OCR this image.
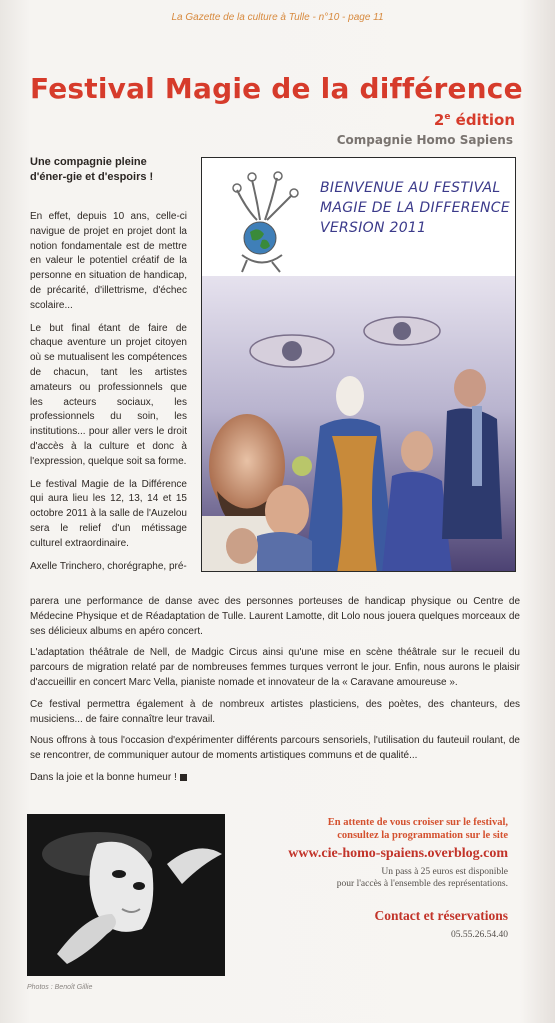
La Gazette de la culture à Tulle - n°10 - page 11
Festival Magie de la différence
2e édition
Compagnie Homo Sapiens
Une compagnie pleine d'éner-gie et d'espoirs !

En effet, depuis 10 ans, celle-ci navigue de projet en projet dont la notion fondamentale est de mettre en valeur le potentiel créatif de la personne en situation de handicap, de précarité, d'illettrisme, d'échec scolaire...

Le but final étant de faire de chaque aventure un projet citoyen où se mutualisent les compétences de chacun, tant les artistes amateurs ou professionnels que les acteurs sociaux, les professionnels du soin, les institutions... pour aller vers le droit d'accès à la culture et donc à l'expression, quelque soit sa forme.

Le festival Magie de la Différence qui aura lieu les 12, 13, 14 et 15 octobre 2011 à la salle de l'Auzelou sera le relief d'un métissage culturel extraordinaire.

Axelle Trinchero, chorégraphe, pré-

parera une performance de danse avec des personnes porteuses de handicap physique ou Centre de Médecine Physique et de Réadaptation de Tulle. Laurent Lamotte, dit Lolo nous jouera quelques morceaux de ses délicieux albums en apéro concert.

L'adaptation théâtrale de Nell, de Madgic Circus ainsi qu'une mise en scène théâtrale sur le recueil du parcours de migration relaté par de nombreuses femmes turques verront le jour. Enfin, nous aurons le plaisir d'accueillir en concert Marc Vella, pianiste nomade et innovateur de la « Caravane amoureuse ».

Ce festival permettra également à de nombreux artistes plasticiens, des poètes, des chanteurs, des musiciens... de faire connaître leur travail.

Nous offrons à tous l'occasion d'expérimenter différents parcours sensoriels, l'utilisation du fauteuil roulant, de se rencontrer, de communiquer autour de moments artistiques communs et de qualité...

Dans la joie et la bonne humeur !

BIENVENUE AU FESTIVAL
MAGIE DE LA DIFFERENCE
VERSION 2011
Photos : Benoît Gillie
En attente de vous croiser sur le festival,
consultez la programmation sur le site
www.cie-homo-spaiens.overblog.com
Un pass à 25 euros est disponible
pour l'accès à l'ensemble des représentations.
Contact et réservations
05.55.26.54.40
